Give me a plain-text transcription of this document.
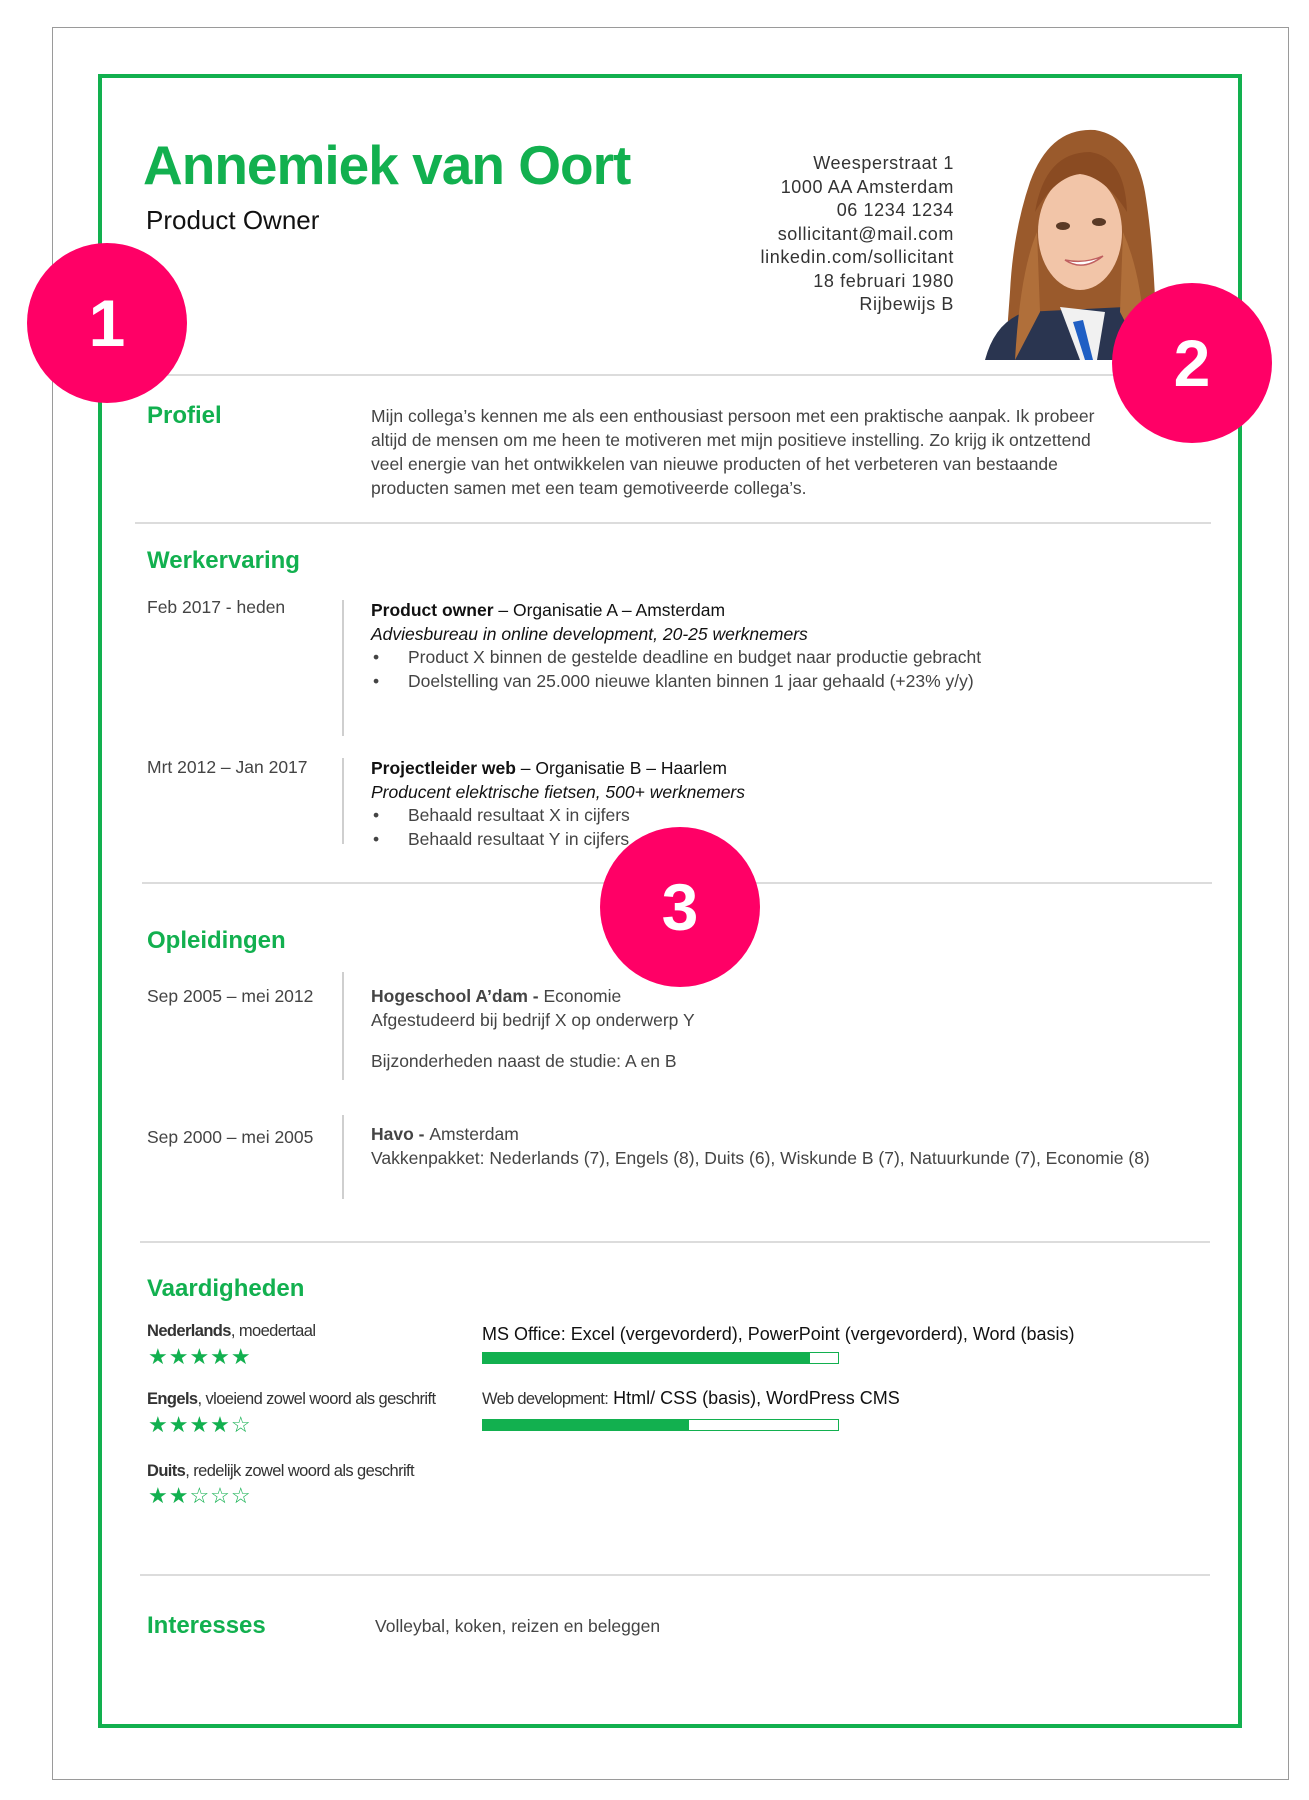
Annemiek van Oort
Product Owner
Weesperstraat 1
1000 AA Amsterdam
06 1234 1234
sollicitant@mail.com
linkedin.com/sollicitant
18 februari 1980
Rijbewijs B
Profiel	Mijn collega’s kennen me als een enthousiast persoon met een praktische aanpak. Ik probeer
altijd de mensen om me heen te motiveren met mijn positieve instelling. Zo krijg ik ontzettend
veel energie van het ontwikkelen van nieuwe producten of het verbeteren van bestaande
producten samen met een team gemotiveerde collega’s.
Werkervaring
Feb 2017 - heden	Product owner – Organisatie A – Amsterdam
Adviesbureau in online development, 20-25 werknemers
• Product X binnen de gestelde deadline en budget naar productie gebracht
• Doelstelling van 25.000 nieuwe klanten binnen 1 jaar gehaald (+23% y/y)
Mrt 2012 – Jan 2017	Projectleider web – Organisatie B – Haarlem
Producent elektrische fietsen, 500+ werknemers
• Behaald resultaat X in cijfers
• Behaald resultaat Y in cijfers
Opleidingen
Sep 2005 – mei 2012	Hogeschool A’dam - Economie
Afgestudeerd bij bedrijf X op onderwerp Y
Bijzonderheden naast de studie: A en B
Sep 2000 – mei 2005	Havo - Amsterdam
Vakkenpakket: Nederlands (7), Engels (8), Duits (6), Wiskunde B (7), Natuurkunde (7), Economie (8)
Vaardigheden
Nederlands, moedertaal
★★★★★
Engels, vloeiend zowel woord als geschrift
★★★★☆
Duits, redelijk zowel woord als geschrift
★★☆☆☆
MS Office: Excel (vergevorderd), PowerPoint (vergevorderd), Word (basis)
Web development: Html/ CSS (basis), WordPress CMS
Interesses	Volleybal, koken, reizen en beleggen
1
2
3
